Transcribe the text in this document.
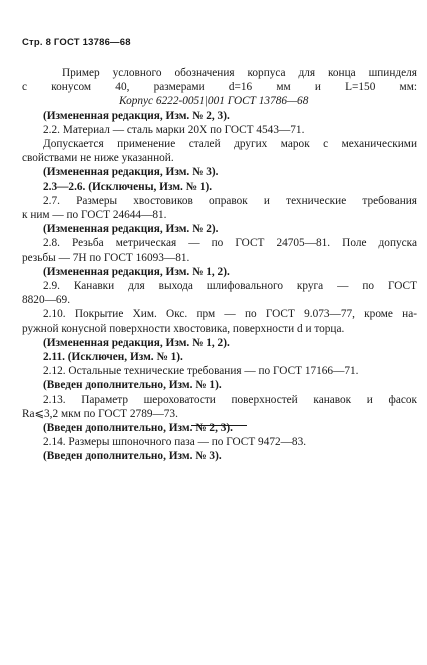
Стр. 8 ГОСТ 13786—68
Пример условного обозначения корпуса для конца шпинделя
с конусом 40, размерами d=16 мм и L=150 мм:
Корпус 6222-0051|001 ГОСТ 13786—68
(Измененная редакция, Изм. № 2, 3).
2.2. Материал — сталь марки 20Х по ГОСТ 4543—71.
Допускается применение сталей других марок с механическими
свойствами не ниже указанной.
(Измененная редакция, Изм. № 3).
2.3—2.6. (Исключены, Изм. № 1).
2.7. Размеры хвостовиков оправок и технические требования
к ним — по ГОСТ 24644—81.
(Измененная редакция, Изм. № 2).
2.8. Резьба метрическая — по ГОСТ 24705—81. Поле допуска
резьбы — 7H по ГОСТ 16093—81.
(Измененная редакция, Изм. № 1, 2).
2.9. Канавки для выхода шлифовального круга — по ГОСТ
8820—69.
2.10. Покрытие Хим. Окс. прм — по ГОСТ 9.073—77, кроме на-
ружной конусной поверхности хвостовика, поверхности d и торца.
(Измененная редакция, Изм. № 1, 2).
2.11. (Исключен, Изм. № 1).
2.12. Остальные технические требования — по ГОСТ 17166—71.
(Введен дополнительно, Изм. № 1).
2.13. Параметр шероховатости поверхностей канавок и фасок
Ra⩽3,2 мкм по ГОСТ 2789—73.
(Введен дополнительно, Изм. № 2, 3).
2.14. Размеры шпоночного паза — по ГОСТ 9472—83.
(Введен дополнительно, Изм. № 3).
